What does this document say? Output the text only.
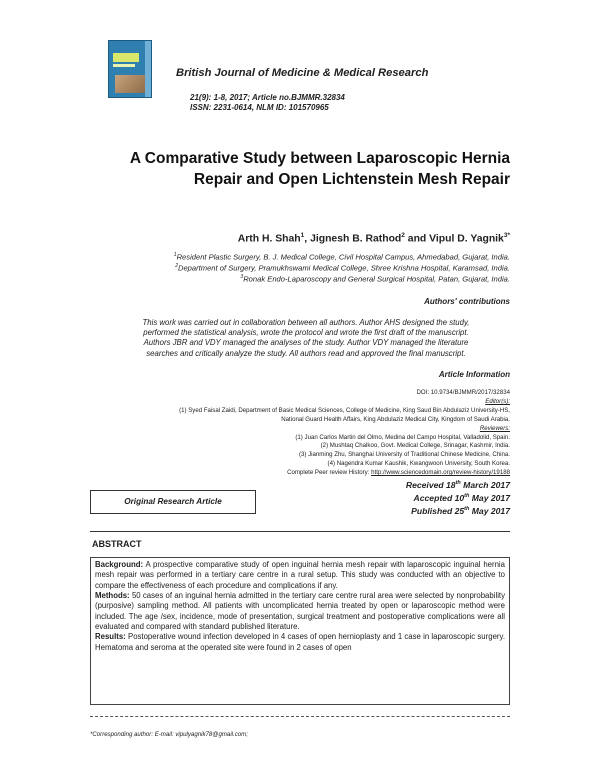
British Journal of Medicine & Medical Research
21(9): 1-8, 2017; Article no.BJMMR.32834
ISSN: 2231-0614, NLM ID: 101570965
A Comparative Study between Laparoscopic Hernia
Repair and Open Lichtenstein Mesh Repair
Arth H. Shah$^1$, Jignesh B. Rathod$^2$ and Vipul D. Yagnik$^{3*}$
$^1$Resident Plastic Surgery, B. J. Medical College, Civil Hospital Campus, Ahmedabad, Gujarat, India.
$^2$Department of Surgery, Pramukhswami Medical College, Shree Krishna Hospital, Karamsad, India.
$^3$Ronak Endo-Laparoscopy and General Surgical Hospital, Patan, Gujarat, India.
Authors' contributions
This work was carried out in collaboration between all authors. Author AHS designed the study,
performed the statistical analysis, wrote the protocol and wrote the first draft of the manuscript.
Authors JBR and VDY managed the analyses of the study. Author VDY managed the literature
searches and critically analyze the study. All authors read and approved the final manuscript.
Article Information
DOI: 10.9734/BJMMR/2017/32834
Editor(s):
(1) Syed Faisal Zaidi, Department of Basic Medical Sciences, College of Medicine, King Saud Bin Abdulaziz University-HS,
National Guard Health Affairs, King Abdulaziz Medical City, Kingdom of Saudi Arabia.
Reviewers:
(1) Juan Carlos Martin del Olmo, Medina del Campo Hospital, Valladolid, Spain.
(2) Mushtaq Chalkoo, Govt. Medical College, Srinagar, Kashmir, India.
(3) Jianming Zhu, Shanghai University of Traditional Chinese Medicine, China.
(4) Nagendra Kumar Kaushik, Kwangwoon University, South Korea.
Complete Peer review History: http://www.sciencedomain.org/review-history/19188
Original Research Article
Received 18th March 2017
Accepted 10th May 2017
Published 25th May 2017
ABSTRACT

Background: A prospective comparative study of open inguinal hernia mesh repair with laparoscopic inguinal hernia mesh repair was performed in a tertiary care centre in a rural setup. This study was conducted with an objective to compare the effectiveness of each procedure and complications if any.

Methods: 50 cases of an inguinal hernia admitted in the tertiary care centre rural area were selected by nonprobability (purposive) sampling method. All patients with uncomplicated hernia treated by open or laparoscopic method were included. The age /sex, incidence, mode of presentation, surgical treatment and postoperative complications were all evaluated and compared with standard published literature.

Results: Postoperative wound infection developed in 4 cases of open hernioplasty and 1 case in laparoscopic surgery. Hematoma and seroma at the operated site were found in 2 cases of open

*Corresponding author: E-mail: vipulyagnik78@gmail.com;
